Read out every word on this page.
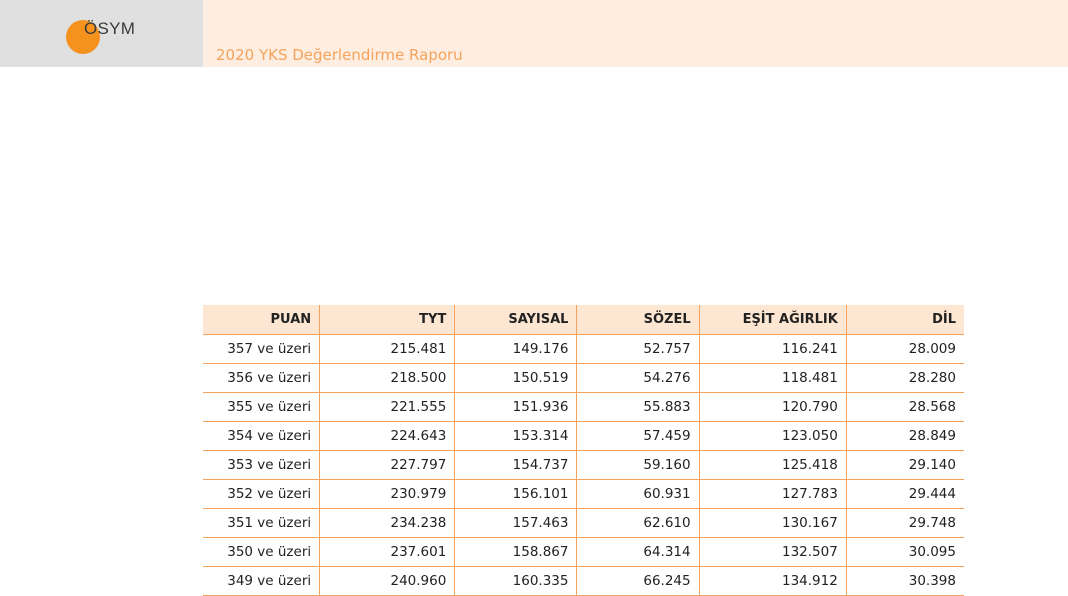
ÖSYM
2020 YKS Değerlendirme Raporu
PUAN	TYT	SAYISAL	SÖZEL	EŞİT AĞIRLIK	DİL
357 ve üzeri	215.481	149.176	52.757	116.241	28.009
356 ve üzeri	218.500	150.519	54.276	118.481	28.280
355 ve üzeri	221.555	151.936	55.883	120.790	28.568
354 ve üzeri	224.643	153.314	57.459	123.050	28.849
353 ve üzeri	227.797	154.737	59.160	125.418	29.140
352 ve üzeri	230.979	156.101	60.931	127.783	29.444
351 ve üzeri	234.238	157.463	62.610	130.167	29.748
350 ve üzeri	237.601	158.867	64.314	132.507	30.095
349 ve üzeri	240.960	160.335	66.245	134.912	30.398
